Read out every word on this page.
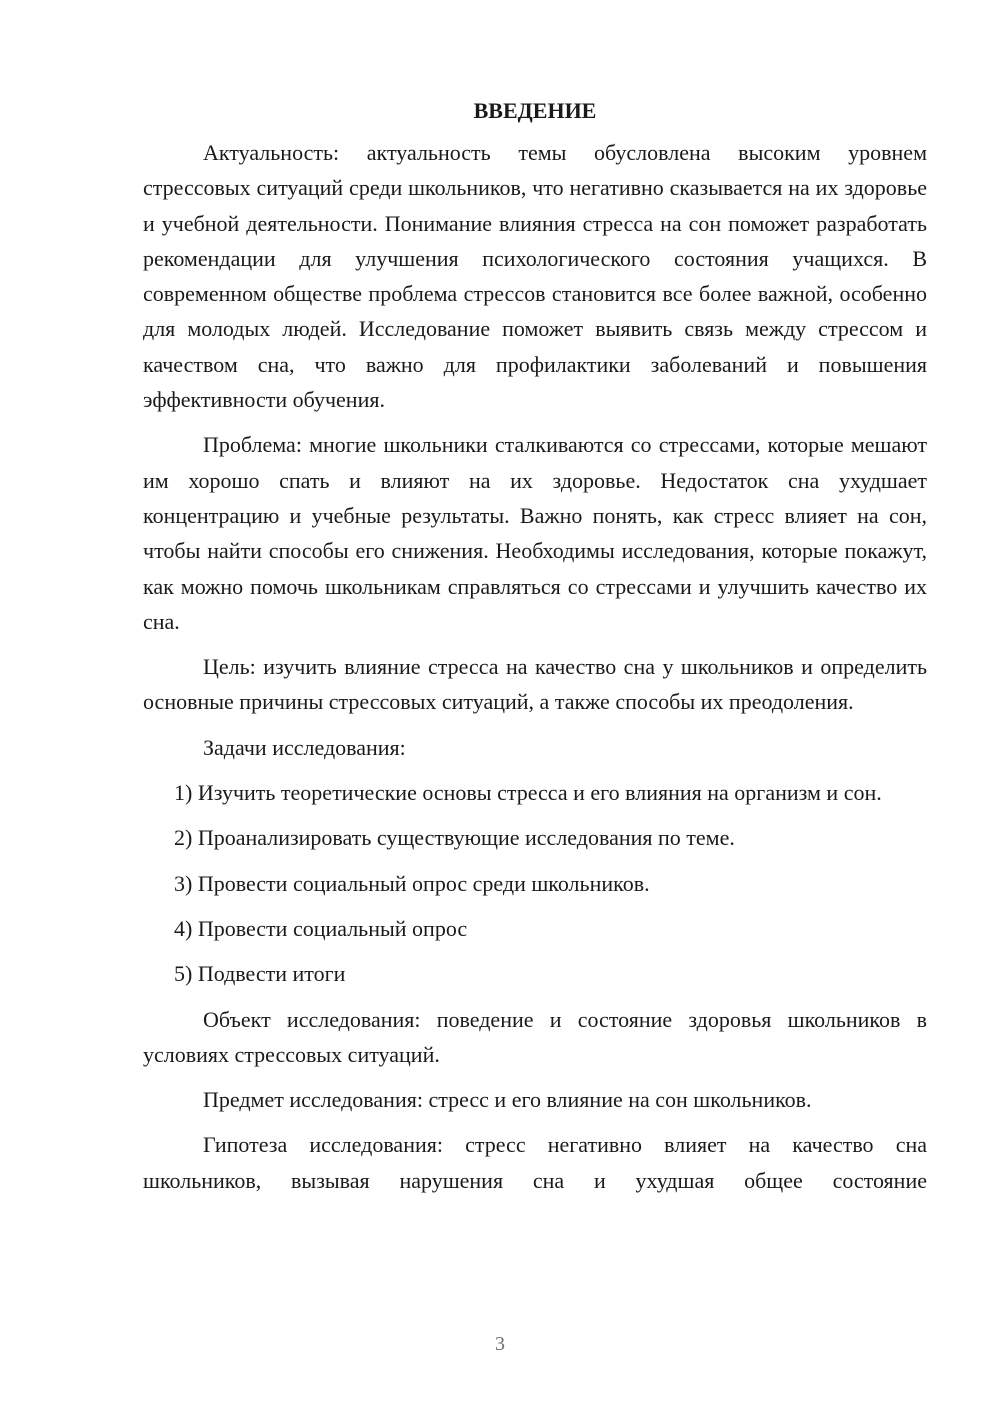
ВВЕДЕНИЕ

Актуальность: актуальность темы обусловлена высоким уровнем стрессовых ситуаций среди школьников, что негативно сказывается на их здоровье и учебной деятельности. Понимание влияния стресса на сон поможет разработать рекомендации для улучшения психологического состояния учащихся. В современном обществе проблема стрессов становится все более важной, особенно для молодых людей. Исследование поможет выявить связь между стрессом и качеством сна, что важно для профилактики заболеваний и повышения эффективности обучения.

Проблема: многие школьники сталкиваются со стрессами, которые мешают им хорошо спать и влияют на их здоровье. Недостаток сна ухудшает концентрацию и учебные результаты. Важно понять, как стресс влияет на сон, чтобы найти способы его снижения. Необходимы исследования, которые покажут, как можно помочь школьникам справляться со стрессами и улучшить качество их сна.

Цель: изучить влияние стресса на качество сна у школьников и определить основные причины стрессовых ситуаций, а также способы их преодоления.

Задачи исследования:

1) Изучить теоретические основы стресса и его влияния на организм и сон.

2) Проанализировать существующие исследования по теме.

3) Провести социальный опрос среди школьников.

4) Провести социальный опрос

5) Подвести итоги

Объект исследования: поведение и состояние здоровья школьников в условиях стрессовых ситуаций.

Предмет исследования: стресс и его влияние на сон школьников.

Гипотеза исследования: стресс негативно влияет на качество сна школьников, вызывая нарушения сна и ухудшая общее состояние

3
